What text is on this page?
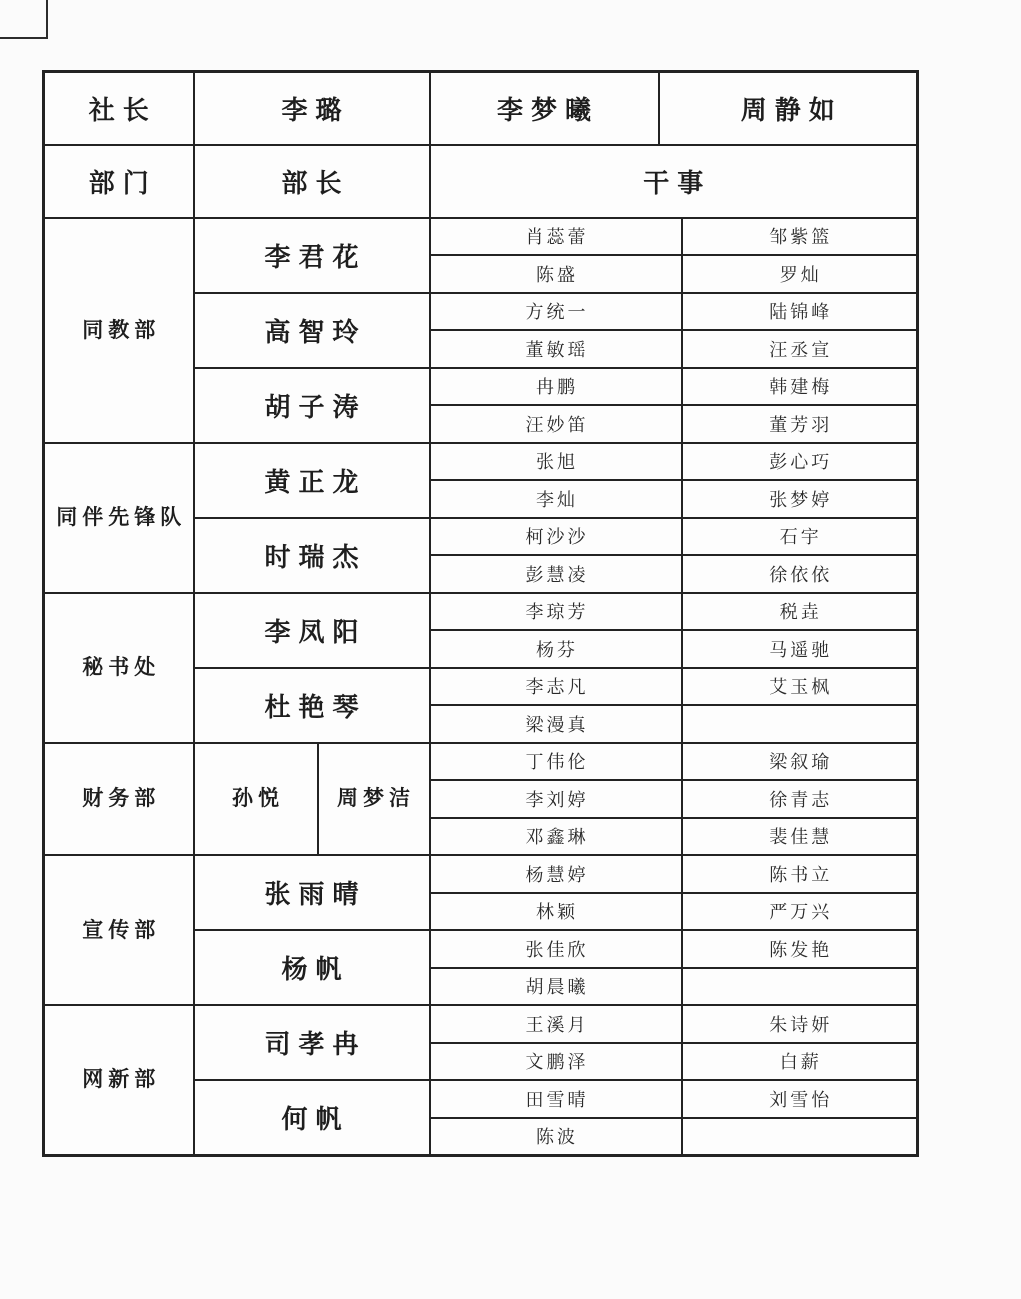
社长	李璐		李梦曦	周静如	
部门	部长		干事		
同教部	李君花		肖蕊蕾		邹紫篮
			陈盛		罗灿
	高智玲		方统一		陆锦峰
			董敏瑶		汪丞宣
	胡子涛		冉鹏		韩建梅
			汪妙笛		董芳羽
同伴先锋队	黄正龙		张旭		彭心巧
			李灿		张梦婷
	时瑞杰		柯沙沙		石宇
			彭慧凌		徐依依
秘书处	李凤阳		李琼芳		税垚
			杨芬		马遥驰
	杜艳琴		李志凡		艾玉枫
			梁漫真		
财务部	孙悦	周梦洁	丁伟伦		梁叙瑜
			李刘婷		徐青志
			邓鑫琳		裴佳慧
宣传部	张雨晴		杨慧婷		陈书立
			林颖		严万兴
	杨帆		张佳欣		陈发艳
			胡晨曦		
网新部	司孝冉		王溪月		朱诗妍
			文鹏泽		白薪
	何帆		田雪晴		刘雪怡
			陈波		
